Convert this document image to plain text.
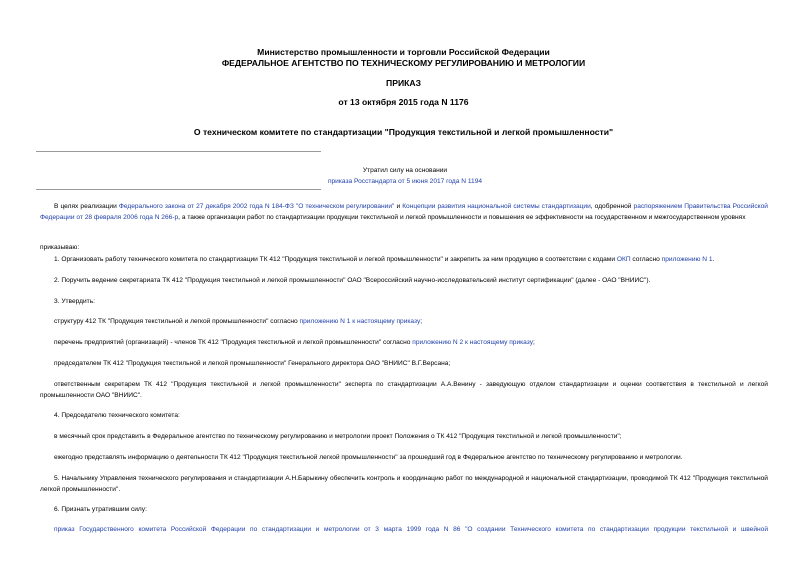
Министерство промышленности и торговли Российской Федерации
ФЕДЕРАЛЬНОЕ АГЕНТСТВО ПО ТЕХНИЧЕСКОМУ РЕГУЛИРОВАНИЮ И МЕТРОЛОГИИ
ПРИКАЗ
от 13 октября 2015 года N 1176
О техническом комитете по стандартизации "Продукция текстильной и легкой промышленности"
Утратил силу на основании
приказа Росстандарта от 5 июня 2017 года N 1194
В целях реализации Федерального закона от 27 декабря 2002 года N 184-ФЗ "О техническом регулировании" и Концепции развития национальной системы стандартизации, одобренной распоряжением Правительства Российской Федерации от 28 февраля 2006 года N 266-р, а также организации работ по стандартизации продукции текстильной и легкой промышленности и повышения ее эффективности на государственном и межгосударственном уровнях
приказываю:
1. Организовать работу технического комитета по стандартизации ТК 412 "Продукция текстильной и легкой промышленности" и закрепить за ним продукцию в соответствии с кодами ОКП согласно приложению N 1.
2. Поручить ведение секретариата ТК 412 "Продукция текстильной и легкой промышленности" ОАО "Всероссийский научно-исследовательский институт сертификации" (далее - ОАО "ВНИИС").
3. Утвердить:
структуру 412 ТК "Продукция текстильной и легкой промышленности" согласно приложению N 1 к настоящему приказу;
перечень предприятий (организаций) - членов ТК 412 "Продукция текстильной и легкой промышленности" согласно приложению N 2 к настоящему приказу;
председателем ТК 412 "Продукция текстильной и легкой промышленности" Генерального директора ОАО "ВНИИС" В.Г.Версана;
ответственным секретарем ТК 412 "Продукция текстильной и легкой промышленности" эксперта по стандартизации А.А.Венину - заведующую отделом стандартизации и оценки соответствия в текстильной и легкой промышленности ОАО "ВНИИС".
4. Председателю технического комитета:
в месячный срок представить в Федеральное агентство по техническому регулированию и метрологии проект Положения о ТК 412 "Продукция текстильной и легкой промышленности";
ежегодно представлять информацию о деятельности ТК 412 "Продукция текстильной легкой промышленности" за прошедший год в Федеральное агентство по техническому регулированию и метрологии.
5. Начальнику Управления технического регулирования и стандартизации А.Н.Барыкину обеспечить контроль и координацию работ по международной и национальной стандартизации, проводимой ТК 412 "Продукция текстильной легкой промышленности".
6. Признать утратившим силу:
приказ Государственного комитета Российской Федерации по стандартизации и метрологии от 3 марта 1999 года N 86 "О создании Технического комитета по стандартизации продукции текстильной и швейной
